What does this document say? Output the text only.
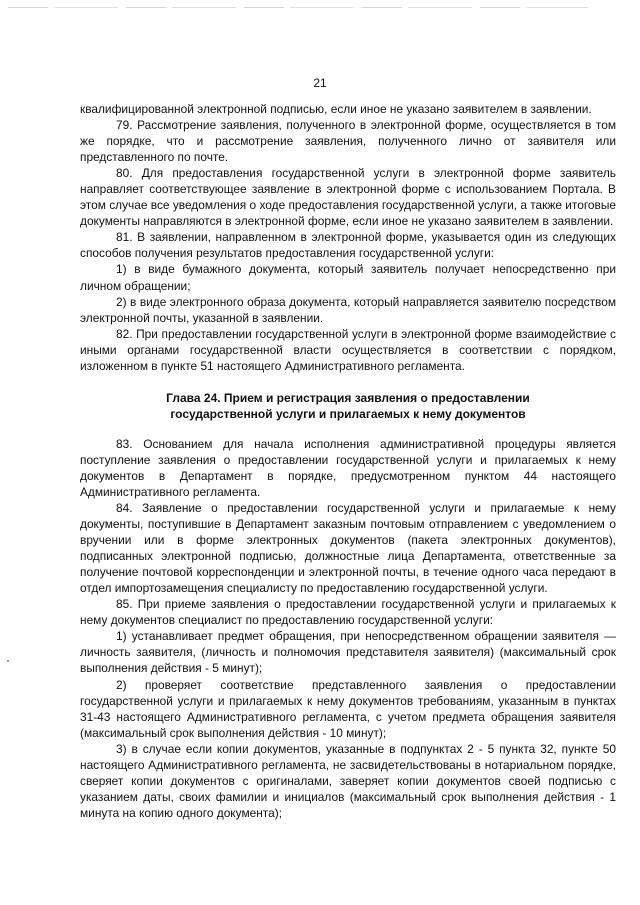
21

квалифицированной электронной подписью, если иное не указано заявителем в заявлении.

79. Рассмотрение заявления, полученного в электронной форме, осуществляется в том же порядке, что и рассмотрение заявления, полученного лично от заявителя или представленного по почте.

80. Для предоставления государственной услуги в электронной форме заявитель направляет соответствующее заявление в электронной форме с использованием Портала. В этом случае все уведомления о ходе предоставления государственной услуги, а также итоговые документы направляются в электронной форме, если иное не указано заявителем в заявлении.

81. В заявлении, направленном в электронной форме, указывается один из следующих способов получения результатов предоставления государственной услуги:

1) в виде бумажного документа, который заявитель получает непосредственно при личном обращении;

2) в виде электронного образа документа, который направляется заявителю посредством электронной почты, указанной в заявлении.

82. При предоставлении государственной услуги в электронной форме взаимодействие с иными органами государственной власти осуществляется в соответствии с порядком, изложенном в пункте 51 настоящего Административного регламента.

Глава 24. Прием и регистрация заявления о предоставлении
государственной услуги и прилагаемых к нему документов

83. Основанием для начала исполнения административной процедуры является поступление заявления о предоставлении государственной услуги и прилагаемых к нему документов в Департамент в порядке, предусмотренном пунктом 44 настоящего Административного регламента.

84. Заявление о предоставлении государственной услуги и прилагаемые к нему документы, поступившие в Департамент заказным почтовым отправлением с уведомлением о вручении или в форме электронных документов (пакета электронных документов), подписанных электронной подписью, должностные лица Департамента, ответственные за получение почтовой корреспонденции и электронной почты, в течение одного часа передают в отдел импортозамещения специалисту по предоставлению государственной услуги.

85. При приеме заявления о предоставлении государственной услуги и прилагаемых к нему документов специалист по предоставлению государственной услуги:

1) устанавливает предмет обращения, при непосредственном обращении заявителя — личность заявителя, (личность и полномочия представителя заявителя) (максимальный срок выполнения действия - 5 минут);

2) проверяет соответствие представленного заявления о предоставлении государственной услуги и прилагаемых к нему документов требованиям, указанным в пунктах 31-43 настоящего Административного регламента, с учетом предмета обращения заявителя (максимальный срок выполнения действия - 10 минут);

3) в случае если копии документов, указанные в подпунктах 2 - 5 пункта 32, пункте 50 настоящего Административного регламента, не засвидетельствованы в нотариальном порядке, сверяет копии документов с оригиналами, заверяет копии документов своей подписью с указанием даты, своих фамилии и инициалов (максимальный срок выполнения действия - 1 минута на копию одного документа);
